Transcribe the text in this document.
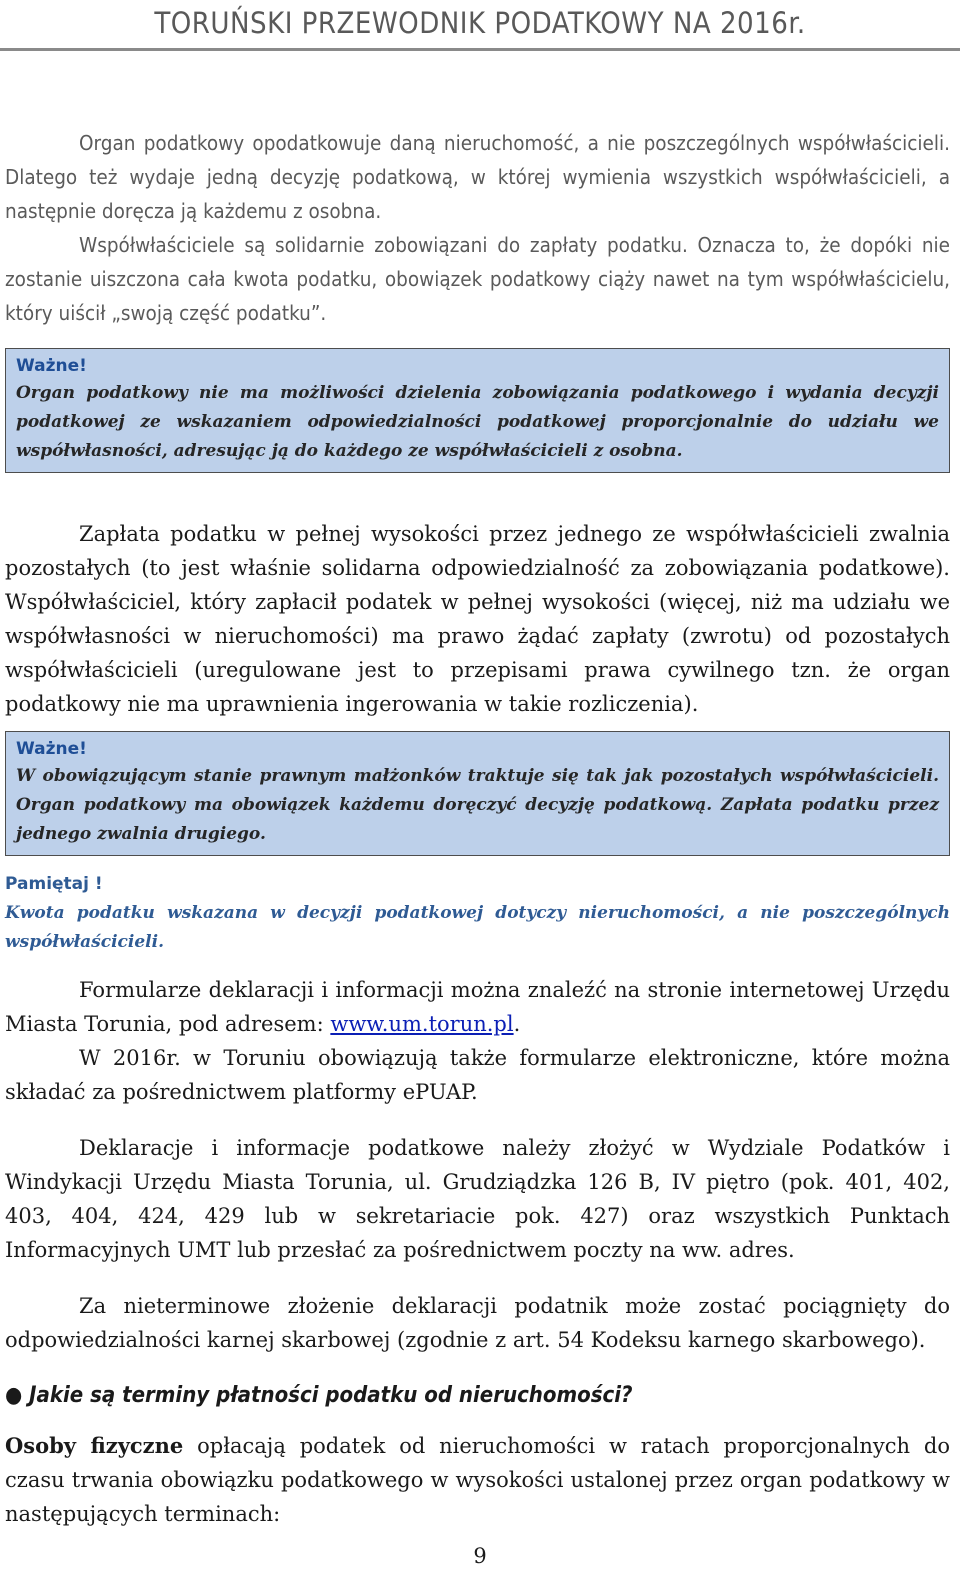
TORUŃSKI PRZEWODNIK PODATKOWY NA 2016r.

Organ podatkowy opodatkowuje daną nieruchomość, a nie poszczególnych współwłaścicieli. Dlatego też wydaje jedną decyzję podatkową, w której wymienia wszystkich współwłaścicieli, a następnie doręcza ją każdemu z osobna.
Współwłaściciele są solidarnie zobowiązani do zapłaty podatku. Oznacza to, że dopóki nie zostanie uiszczona cała kwota podatku, obowiązek podatkowy ciąży nawet na tym współwłaścicielu, który uiścił „swoją część podatku”.

Ważne!
Organ podatkowy nie ma możliwości dzielenia zobowiązania podatkowego i wydania decyzji podatkowej ze wskazaniem odpowiedzialności podatkowej proporcjonalnie do udziału we współwłasności, adresując ją do każdego ze współwłaścicieli z osobna.

Zapłata podatku w pełnej wysokości przez jednego ze współwłaścicieli zwalnia pozostałych (to jest właśnie solidarna odpowiedzialność za zobowiązania podatkowe). Współwłaściciel, który zapłacił podatek w pełnej wysokości (więcej, niż ma udziału we współwłasności w nieruchomości) ma prawo żądać zapłaty (zwrotu) od pozostałych współwłaścicieli (uregulowane jest to przepisami prawa cywilnego tzn. że organ podatkowy nie ma uprawnienia ingerowania w takie rozliczenia).

Ważne!
W obowiązującym stanie prawnym małżonków traktuje się tak jak pozostałych współwłaścicieli. Organ podatkowy ma obowiązek każdemu doręczyć decyzję podatkową. Zapłata podatku przez jednego zwalnia drugiego.
Pamiętaj !
Kwota podatku wskazana w decyzji podatkowej dotyczy nieruchomości, a nie poszczególnych współwłaścicieli.

Formularze deklaracji i informacji można znaleźć na stronie internetowej Urzędu Miasta Torunia, pod adresem: www.um.torun.pl.

W 2016r. w Toruniu obowiązują także formularze elektroniczne, które można składać za pośrednictwem platformy ePUAP.

Deklaracje i informacje podatkowe należy złożyć w Wydziale Podatków i Windykacji Urzędu Miasta Torunia, ul. Grudziądzka 126 B, IV piętro (pok. 401, 402, 403, 404, 424, 429 lub w sekretariacie pok. 427) oraz wszystkich Punktach Informacyjnych UMT lub przesłać za pośrednictwem poczty na ww. adres.

Za nieterminowe złożenie deklaracji podatnik może zostać pociągnięty do odpowiedzialności karnej skarbowej (zgodnie z art. 54 Kodeksu karnego skarbowego).

● Jakie są terminy płatności podatku od nieruchomości?

Osoby fizyczne opłacają podatek od nieruchomości w ratach proporcjonalnych do czasu trwania obowiązku podatkowego w wysokości ustalonej przez organ podatkowy w następujących terminach:

9
